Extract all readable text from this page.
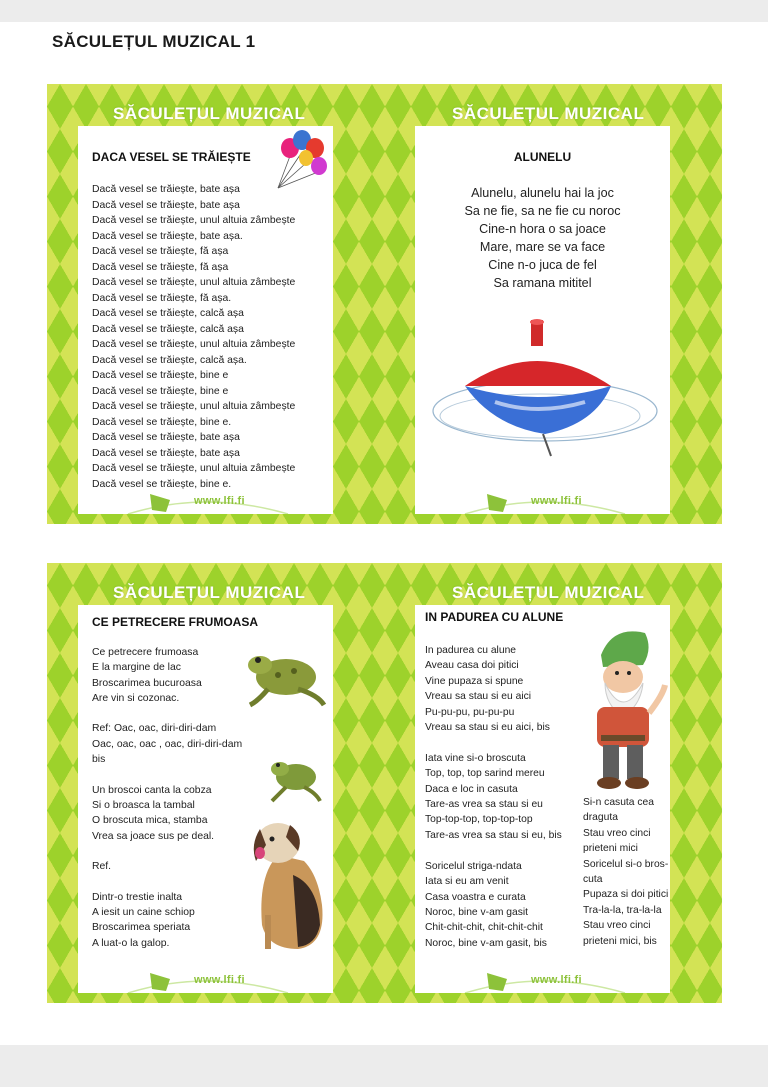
SĂCULEȚUL MUZICAL 1
SĂCULEȚUL MUZICAL	SĂCULEȚUL MUZICAL
DACA VESEL SE TRĂIEȘTE
Dacă vesel se trăiește, bate așa
Dacă vesel se trăiește, bate așa
Dacă vesel se trăiește, unul altuia zâmbește
Dacă vesel se trăiește, bate așa.
Dacă vesel se trăiește, fă așa
Dacă vesel se trăiește, fă așa
Dacă vesel se trăiește, unul altuia zâmbește
Dacă vesel se trăiește, fă așa.
Dacă vesel se trăiește, calcă așa
Dacă vesel se trăiește, calcă așa
Dacă vesel se trăiește, unul altuia zâmbește
Dacă vesel se trăiește, calcă așa.
Dacă vesel se trăiește, bine e
Dacă vesel se trăiește, bine e
Dacă vesel se trăiește, unul altuia zâmbește
Dacă vesel se trăiește, bine e.
Dacă vesel se trăiește, bate așa
Dacă vesel se trăiește, bate așa
Dacă vesel se trăiește, unul altuia zâmbește
Dacă vesel se trăiește, bine e.
www.lfi.fi
ALUNELU
Alunelu, alunelu hai la joc
Sa ne fie, sa ne fie cu noroc
Cine-n hora o sa joace
Mare, mare se va face
Cine n-o juca de fel
Sa ramana mititel
www.lfi.fi
SĂCULEȚUL MUZICAL	SĂCULEȚUL MUZICAL
CE PETRECERE FRUMOASA
Ce petrecere frumoasa
E la margine de lac
Broscarimea bucuroasa
Are vin si cozonac.

Ref: Oac, oac, diri-diri-dam
Oac, oac, oac , oac, diri-diri-dam
bis

Un broscoi canta la cobza
Si o broasca la tambal
O broscuta mica, stamba
Vrea sa joace sus pe deal.

Ref.

Dintr-o trestie inalta
A iesit un caine schiop
Broscarimea speriata
A luat-o la galop.
www.lfi.fi
IN PADUREA CU ALUNE
In padurea cu alune
Aveau casa doi pitici
Vine pupaza si spune
Vreau sa stau si eu aici
Pu-pu-pu, pu-pu-pu
Vreau sa stau si eu aici, bis

Iata vine si-o broscuta
Top, top, top sarind mereu
Daca e loc in casuta
Tare-as vrea sa stau si eu
Top-top-top, top-top-top
Tare-as vrea sa stau si eu, bis

Soricelul striga-ndata
Iata si eu am venit
Casa voastra e curata
Noroc, bine v-am gasit
Chit-chit-chit, chit-chit-chit
Noroc, bine v-am gasit, bis
Si-n casuta cea
draguta
Stau vreo cinci
prieteni mici
Soricelul si-o bros-
cuta
Pupaza si doi pitici
Tra-la-la, tra-la-la
Stau vreo cinci
prieteni mici, bis
www.lfi.fi
